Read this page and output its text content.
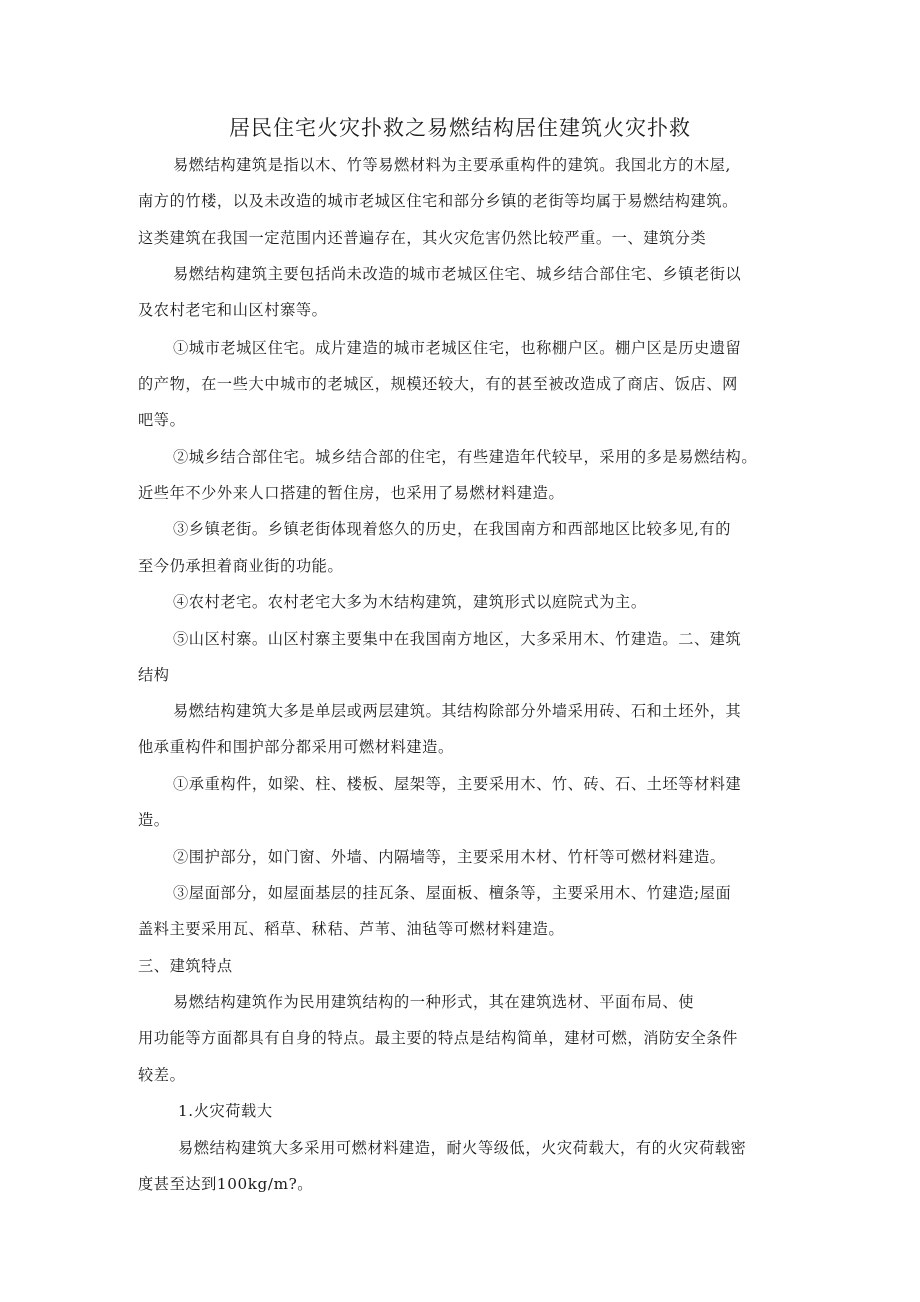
居民住宅火灾扑救之易燃结构居住建筑火灾扑救
易燃结构建筑是指以木、竹等易燃材料为主要承重构件的建筑。我国北方的木屋,
南方的竹楼，以及未改造的城市老城区住宅和部分乡镇的老街等均属于易燃结构建筑。
这类建筑在我国一定范围内还普遍存在，其火灾危害仍然比较严重。一、建筑分类
易燃结构建筑主要包括尚未改造的城市老城区住宅、城乡结合部住宅、乡镇老街以
及农村老宅和山区村寨等。
①城市老城区住宅。成片建造的城市老城区住宅，也称棚户区。棚户区是历史遗留
的产物，在一些大中城市的老城区，规模还较大，有的甚至被改造成了商店、饭店、网
吧等。
②城乡结合部住宅。城乡结合部的住宅，有些建造年代较早，采用的多是易燃结构。
近些年不少外来人口搭建的暂住房，也采用了易燃材料建造。
③乡镇老街。乡镇老街体现着悠久的历史，在我国南方和西部地区比较多见,有的
至今仍承担着商业街的功能。
④农村老宅。农村老宅大多为木结构建筑，建筑形式以庭院式为主。
⑤山区村寨。山区村寨主要集中在我国南方地区，大多采用木、竹建造。二、建筑
结构
易燃结构建筑大多是单层或两层建筑。其结构除部分外墙采用砖、石和土坯外，其
他承重构件和围护部分都采用可燃材料建造。
①承重构件，如梁、柱、楼板、屋架等，主要采用木、竹、砖、石、土坯等材料建
造。
②围护部分，如门窗、外墙、内隔墙等，主要采用木材、竹杆等可燃材料建造。
③屋面部分，如屋面基层的挂瓦条、屋面板、檀条等，主要采用木、竹建造;屋面
盖料主要采用瓦、稻草、秫秸、芦苇、油毡等可燃材料建造。
三、建筑特点
易燃结构建筑作为民用建筑结构的一种形式，其在建筑选材、平面布局、使
用功能等方面都具有自身的特点。最主要的特点是结构简单，建材可燃，消防安全条件
较差。
1.火灾荷载大
易燃结构建筑大多采用可燃材料建造，耐火等级低，火灾荷载大，有的火灾荷载密
度甚至达到100kg/m?。
